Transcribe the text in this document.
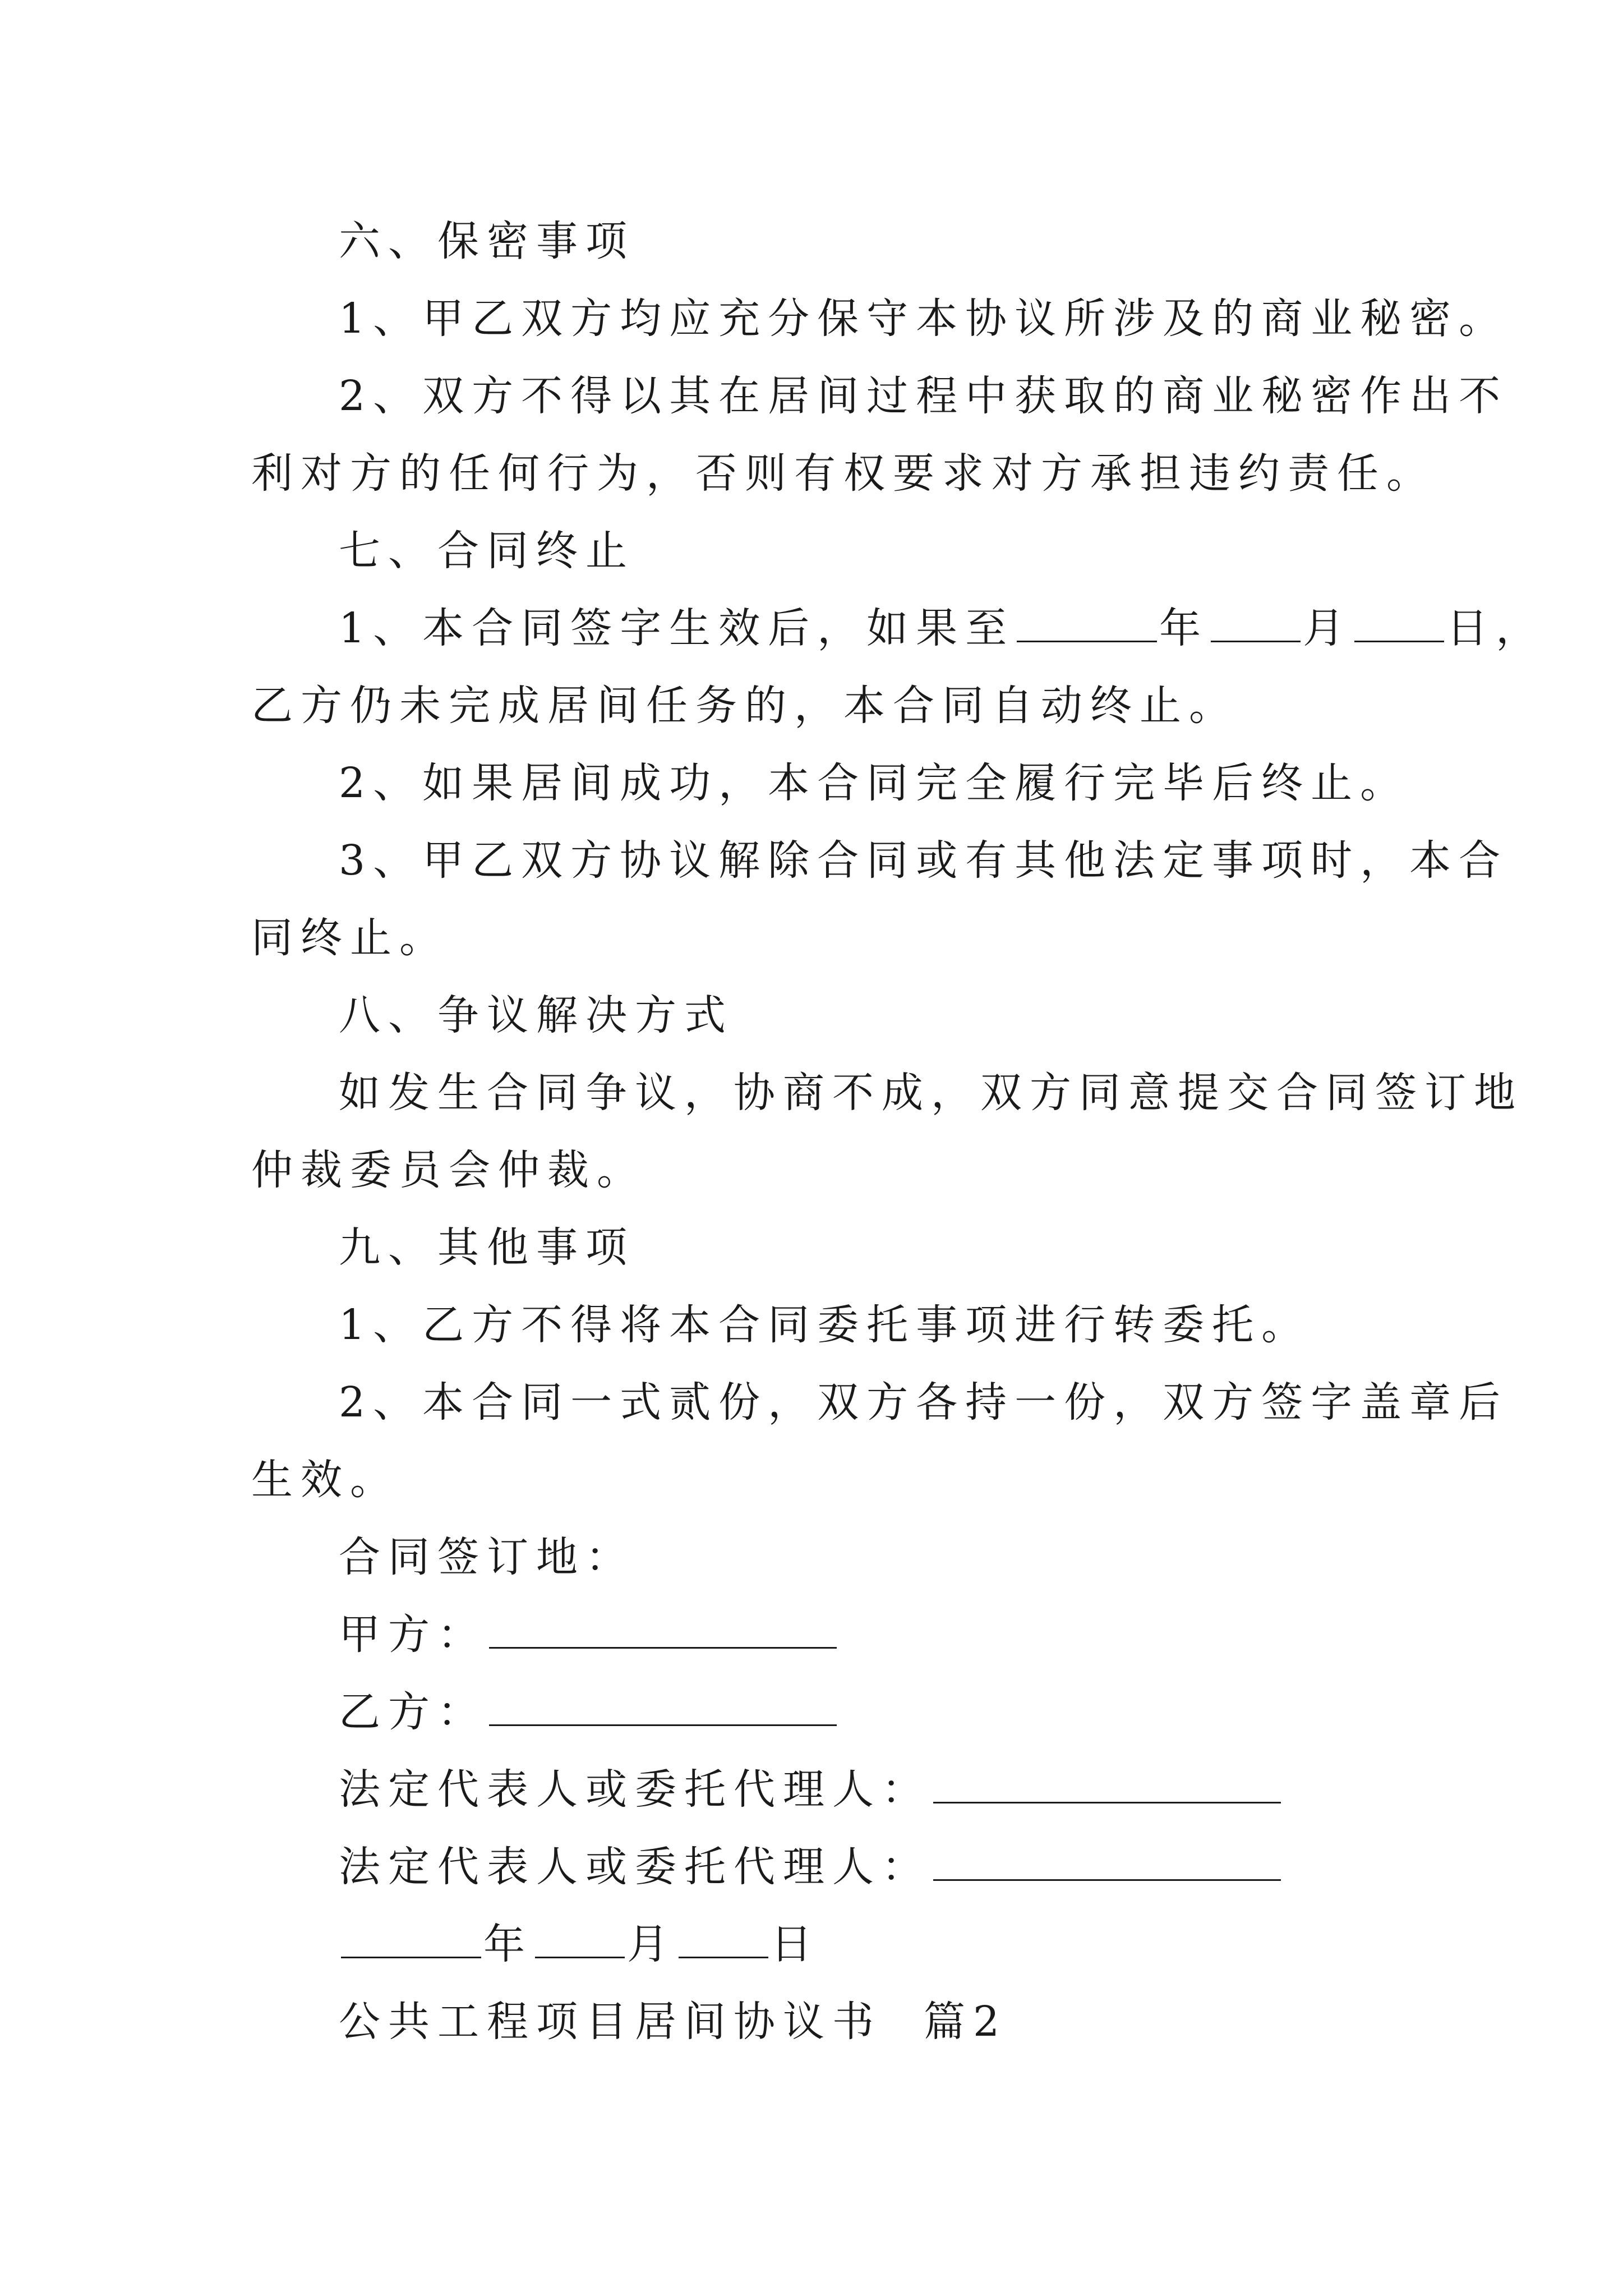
六、保密事项
1、甲乙双方均应充分保守本协议所涉及的商业秘密。
2、双方不得以其在居间过程中获取的商业秘密作出不
利对方的任何行为，否则有权要求对方承担违约责任。
七、合同终止
1、本合同签字生效后，如果至	年 月 日，
乙方仍未完成居间任务的，本合同自动终止。
2、如果居间成功，本合同完全履行完毕后终止。
3、甲乙双方协议解除合同或有其他法定事项时，本合
同终止。
八、争议解决方式
如发生合同争议，协商不成，双方同意提交合同签订地
仲裁委员会仲裁。
九、其他事项
1、乙方不得将本合同委托事项进行转委托。
2、本合同一式贰份，双方各持一份，双方签字盖章后
生效。
合同签订地：
甲方：
乙方：
法定代表人或委托代理人：
法定代表人或委托代理人：
年 月 日
公共工程项目居间协议书  篇2
